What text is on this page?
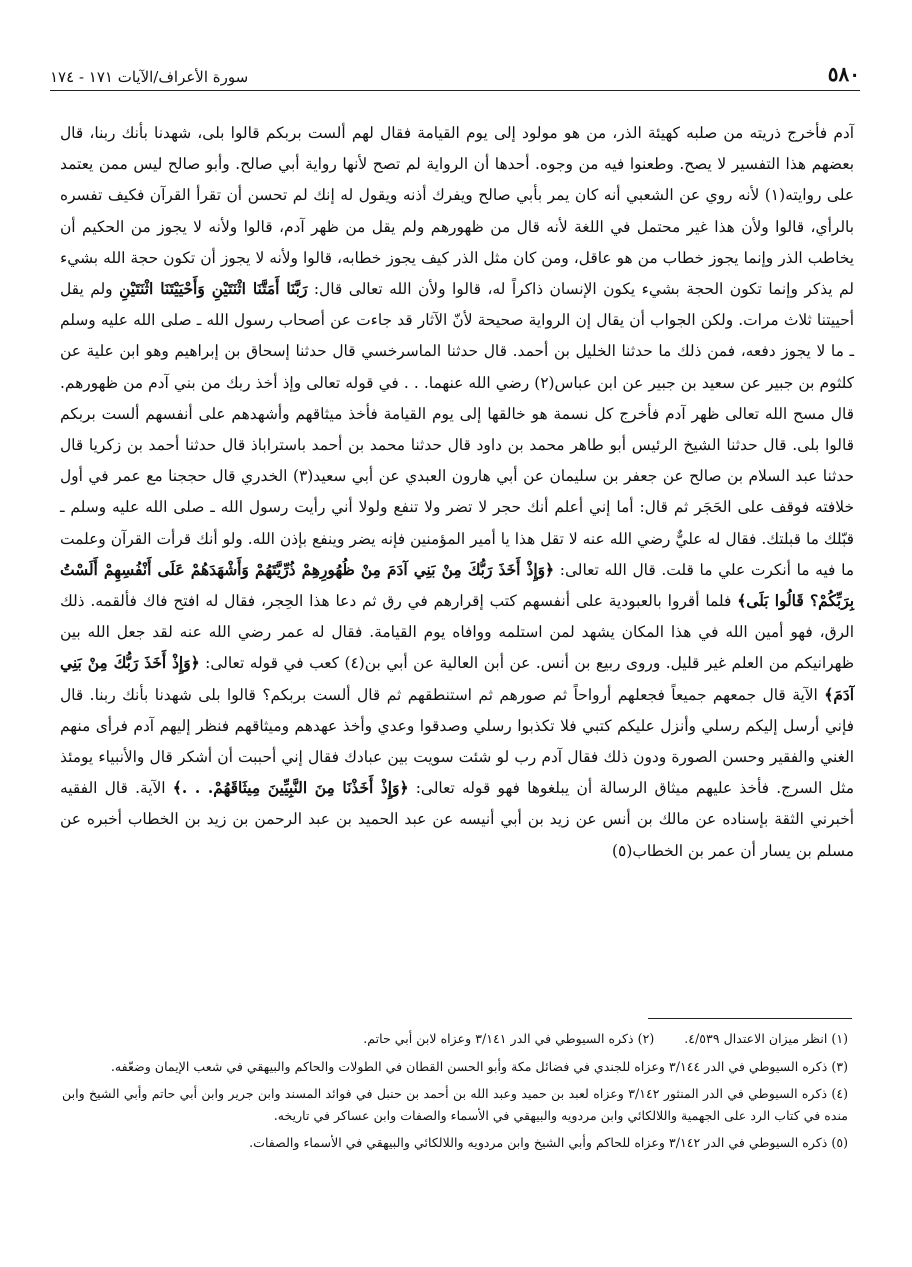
٥٨٠
سورة الأعراف/الآيات ١٧١ - ١٧٤

آدم فأخرج ذريته من صلبه كهيئة الذر، من هو مولود إلى يوم القيامة فقال لهم ألست بربكم قالوا بلى، شهدنا بأنك ربنا، قال بعضهم هذا التفسير لا يصح. وطعنوا فيه من وجوه. أحدها أن الرواية لم تصح لأنها رواية أبي صالح. وأبو صالح ليس ممن يعتمد على روايته(١) لأنه روي عن الشعبي أنه كان يمر بأبي صالح ويفرك أذنه ويقول له إنك لم تحسن أن تقرأ القرآن فكيف تفسره بالرأي، قالوا ولأن هذا غير محتمل في اللغة لأنه قال من ظهورهم ولم يقل من ظهر آدم، قالوا ولأنه لا يجوز من الحكيم أن يخاطب الذر وإنما يجوز خطاب من هو عاقل، ومن كان مثل الذر كيف يجوز خطابه، قالوا ولأنه لا يجوز أن تكون حجة الله بشيء لم يذكر وإنما تكون الحجة بشيء يكون الإنسان ذاكراً له، قالوا ولأن الله تعالى قال: رَبَّنَا أَمَتَّنَا اثْنَتَيْنِ وَأَحْيَيْتَنَا اثْنَتَيْنِ ولم يقل أحييتنا ثلاث مرات. ولكن الجواب أن يقال إن الرواية صحيحة لأنّ الآثار قد جاءت عن أصحاب رسول الله ـ صلى الله عليه وسلم ـ ما لا يجوز دفعه، فمن ذلك ما حدثنا الخليل بن أحمد. قال حدثنا الماسرخسي قال حدثنا إسحاق بن إبراهيم وهو ابن علية عن كلثوم بن جبير عن سعيد بن جبير عن ابن عباس(٢) رضي الله عنهما. . . في قوله تعالى وإذ أخذ ربك من بني آدم من ظهورهم. قال مسح الله تعالى ظهر آدم فأخرج كل نسمة هو خالقها إلى يوم القيامة فأخذ ميثاقهم وأشهدهم على أنفسهم ألست بربكم قالوا بلى. قال حدثنا الشيخ الرئيس أبو طاهر محمد بن داود قال حدثنا محمد بن أحمد باستراباذ قال حدثنا أحمد بن زكريا قال حدثنا عبد السلام بن صالح عن جعفر بن سليمان عن أبي هارون العبدي عن أبي سعيد(٣) الخدري قال حججنا مع عمر في أول خلافته فوقف على الحَجَر ثم قال: أما إني أعلم أنك حجر لا تضر ولا تنفع ولولا أني رأيت رسول الله ـ صلى الله عليه وسلم ـ قبّلك ما قبلتك. فقال له عليٌّ رضي الله عنه لا تقل هذا يا أمير المؤمنين فإنه يضر وينفع بإذن الله. ولو أنك قرأت القرآن وعلمت ما فيه ما أنكرت علي ما قلت. قال الله تعالى: ﴿وَإِذْ أَخَذَ رَبُّكَ مِنْ بَنِي آدَمَ مِنْ ظُهُورِهِمْ ذُرِّيَّتَهُمْ وَأَشْهَدَهُمْ عَلَى أَنْفُسِهِمْ أَلَسْتُ بِرَبِّكُمْ؟ قَالُوا بَلَى﴾ فلما أقروا بالعبودية على أنفسهم كتب إقرارهم في رق ثم دعا هذا الحِجر، فقال له افتح فاك فألقمه. ذلك الرق، فهو أمين الله في هذا المكان يشهد لمن استلمه ووافاه يوم القيامة. فقال له عمر رضي الله عنه لقد جعل الله بين ظهرانيكم من العلم غير قليل. وروى ربيع بن أنس. عن أبن العالية عن أبي بن(٤) كعب في قوله تعالى: ﴿وَإِذْ أَخَذَ رَبُّكَ مِنْ بَنِي آدَمَ﴾ الآية قال جمعهم جميعاً فجعلهم أرواحاً ثم صورهم ثم استنطقهم ثم قال ألست بربكم؟ قالوا بلى شهدنا بأنك ربنا. قال فإني أرسل إليكم رسلي وأنزل عليكم كتبي فلا تكذبوا رسلي وصدقوا وعدي وأخذ عهدهم وميثاقهم فنظر إليهم آدم فرأى منهم الغني والفقير وحسن الصورة ودون ذلك فقال آدم رب لو شئت سويت بين عبادك فقال إني أحببت أن أشكر قال والأنبياء يومئذ مثل السرج. فأخذ عليهم ميثاق الرسالة أن يبلغوها فهو قوله تعالى: ﴿وَإِذْ أَخَذْنَا مِنَ النَّبِيِّينَ مِيثَاقَهُمْ. . .﴾ الآية. قال الفقيه أخبرني الثقة بإسناده عن مالك بن أنس عن زيد بن أبي أنيسه عن عبد الحميد بن عبد الرحمن بن زيد بن الخطاب أخبره عن مسلم بن يسار أن عمر بن الخطاب(٥)

(١) انظر ميزان الاعتدال ٤/٥٣٩.

(٢) ذكره السيوطي في الدر ٣/١٤١ وعزاه لابن أبي حاتم.

(٣) ذكره السيوطي في الدر ٣/١٤٤ وعزاه للجندي في فضائل مكة وأبو الحسن القطان في الطولات والحاكم والبيهقي في شعب الإيمان وضعّفه.

(٤) ذكره السيوطي في الدر المنثور ٣/١٤٢ وعزاه لعبد بن حميد وعبد الله بن أحمد بن حنبل في فوائد المسند وابن جرير وابن أبي حاتم وأبي الشيخ وابن منده في كتاب الرد على الجهمية واللالكائي وابن مردويه والبيهقي في الأسماء والصفات وابن عساكر في تاريخه.

(٥) ذكره السيوطي في الدر ٣/١٤٢ وعزاه للحاكم وأبي الشيخ وابن مردويه واللالكائي والبيهقي في الأسماء والصفات.
